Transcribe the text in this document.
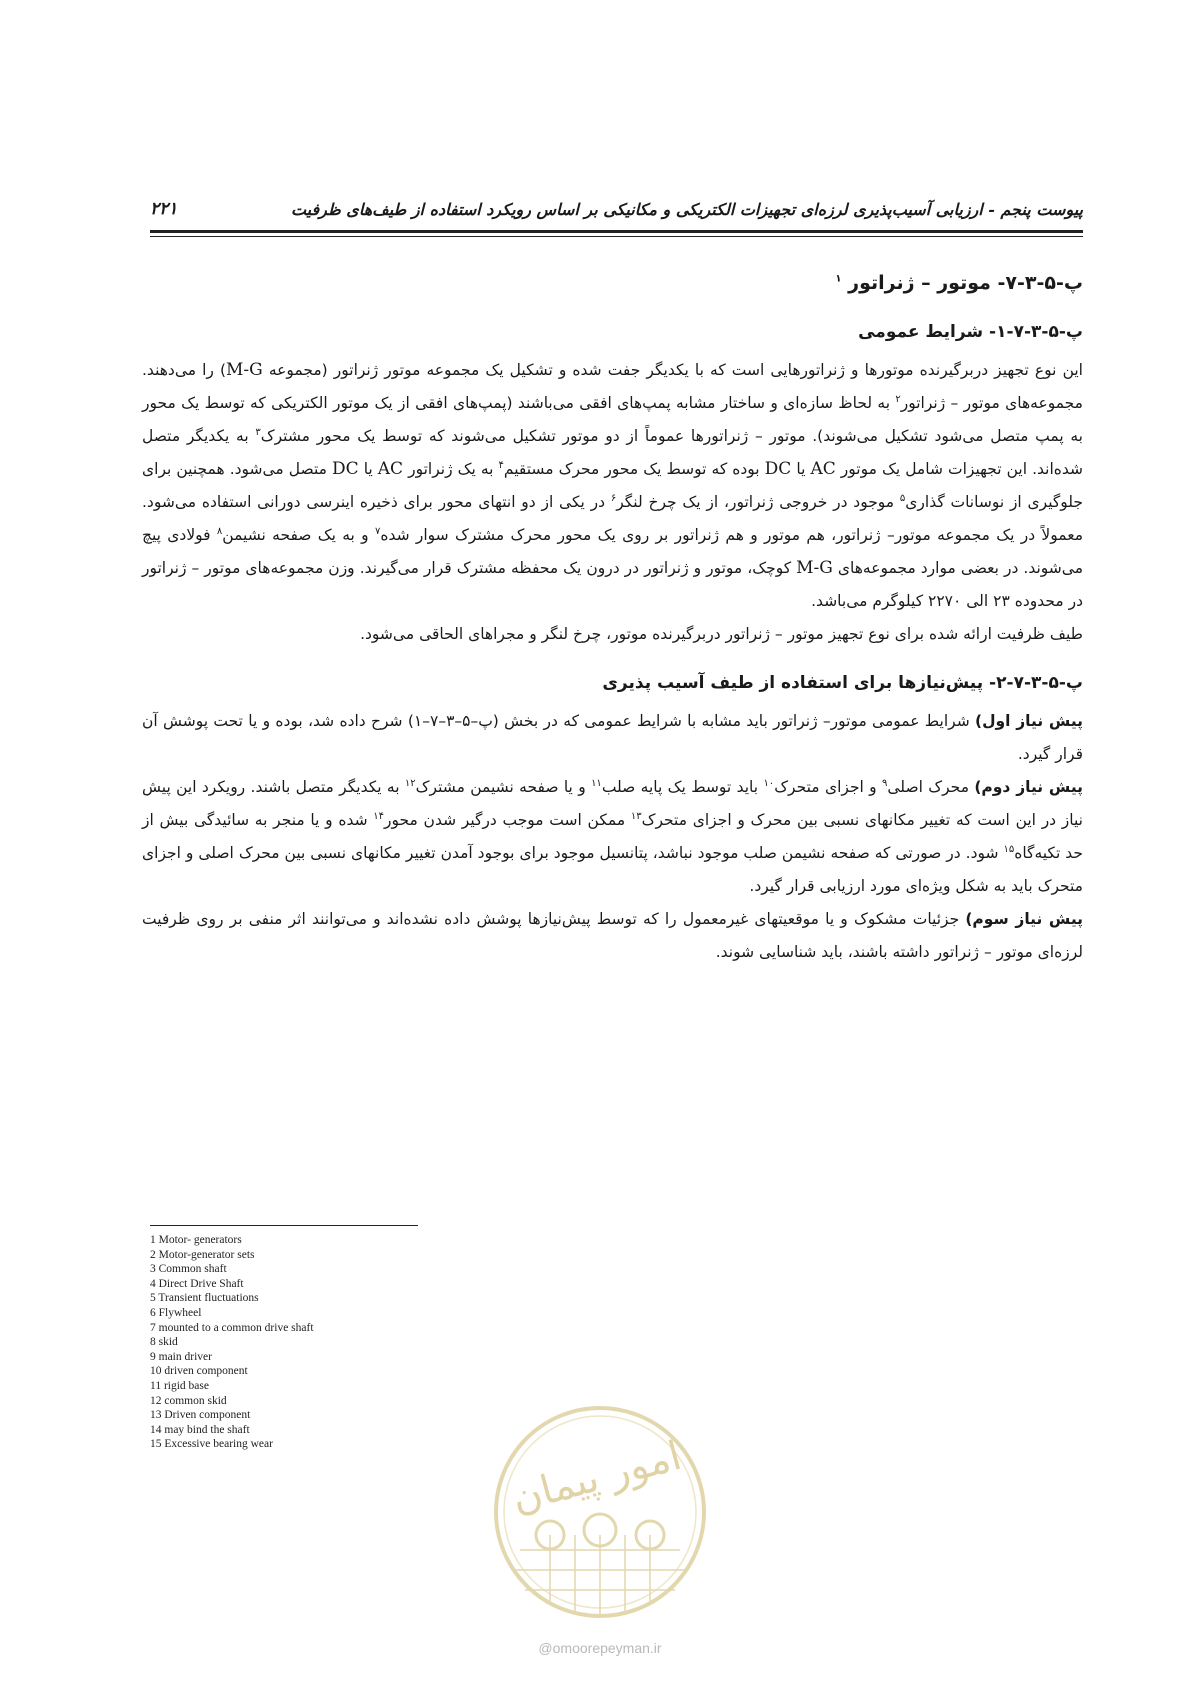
۲۲۱	پیوست پنجم - ارزیابی آسیب‌پذیری لرزه‌ای تجهیزات الکتریکی و مکانیکی بر اساس رویکرد استفاده از طیف‌های ظرفیت
پ-۵-۳-۷- موتور – ژنراتور $^۱$
پ-۵-۳-۷-۱- شرایط عمومی

این نوع تجهیز دربرگیرنده موتورها و ژنراتورهایی است که با یکدیگر جفت شده و تشکیل یک مجموعه موتور ژنراتور (مجموعه M-G) را می‌دهند. مجموعه‌های موتور – ژنراتور$^۲$ به لحاظ سازه‌ای و ساختار مشابه پمپ‌های افقی می‌باشند (پمپ‌های افقی از یک موتور الکتریکی که توسط یک محور به پمپ متصل می‌شود تشکیل می‌شوند). موتور – ژنراتورها عموماً از دو موتور تشکیل می‌شوند که توسط یک محور مشترک$^۳$ به یکدیگر متصل شده‌اند. این تجهیزات شامل یک موتور AC یا DC بوده که توسط یک محور محرک مستقیم$^۴$ به یک ژنراتور AC یا DC متصل می‌شود. همچنین برای جلوگیری از نوسانات گذاری$^۵$ موجود در خروجی ژنراتور، از یک چرخ لنگر$^۶$ در یکی از دو انتهای محور برای ذخیره اینرسی دورانی استفاده می‌شود. معمولاً در یک مجموعه موتور– ژنراتور، هم موتور و هم ژنراتور بر روی یک محور محرک مشترک سوار شده$^۷$ و به یک صفحه نشیمن$^۸$ فولادی پیچ می‌شوند. در بعضی موارد مجموعه‌های M-G کوچک، موتور و ژنراتور در درون یک محفظه مشترک قرار می‌گیرند. وزن مجموعه‌های موتور – ژنراتور در محدوده ۲۳ الی ۲۲۷۰ کیلوگرم می‌باشد.

طیف ظرفیت ارائه شده برای نوع تجهیز موتور – ژنراتور دربرگیرنده موتور، چرخ لنگر و مجراهای الحاقی می‌شود.

پ-۵-۳-۷-۲- پیش‌نیازها برای استفاده از طیف آسیب پذیری

پیش نیاز اول) شرایط عمومی موتور– ژنراتور باید مشابه با شرایط عمومی که در بخش (پ–۵–۳–۷–۱) شرح داده شد، بوده و یا تحت پوشش آن قرار گیرد.

پیش نیاز دوم) محرک اصلی$^۹$ و اجزای متحرک$^{۱۰}$ باید توسط یک پایه صلب$^{۱۱}$ و یا صفحه نشیمن مشترک$^{۱۲}$ به یکدیگر متصل باشند. رویکرد این پیش نیاز در این است که تغییر مکانهای نسبی بین محرک و اجزای متحرک$^{۱۳}$ ممکن است موجب درگیر شدن محور$^{۱۴}$ شده و یا منجر به سائیدگی بیش از حد تکیه‌گاه$^{۱۵}$ شود. در صورتی که صفحه نشیمن صلب موجود نباشد، پتانسیل موجود برای بوجود آمدن تغییر مکانهای نسبی بین محرک اصلی و اجزای متحرک باید به شکل ویژه‌ای مورد ارزیابی قرار گیرد.

پیش نیاز سوم) جزئیات مشکوک و یا موقعیتهای غیرمعمول را که توسط پیش‌نیازها پوشش داده نشده‌اند و می‌توانند اثر منفی بر روی ظرفیت لرزه‌ای موتور – ژنراتور داشته باشند، باید شناسایی شوند.

1 Motor- generators
2 Motor-generator sets
3 Common shaft
4 Direct Drive Shaft
5 Transient fluctuations
6 Flywheel
7 mounted to a common drive shaft
8 skid
9 main driver
10 driven component
11 rigid base
12 common skid
13 Driven component
14 may bind the shaft
15 Excessive bearing wear	امور پیمان
@omoorepeyman.ir
